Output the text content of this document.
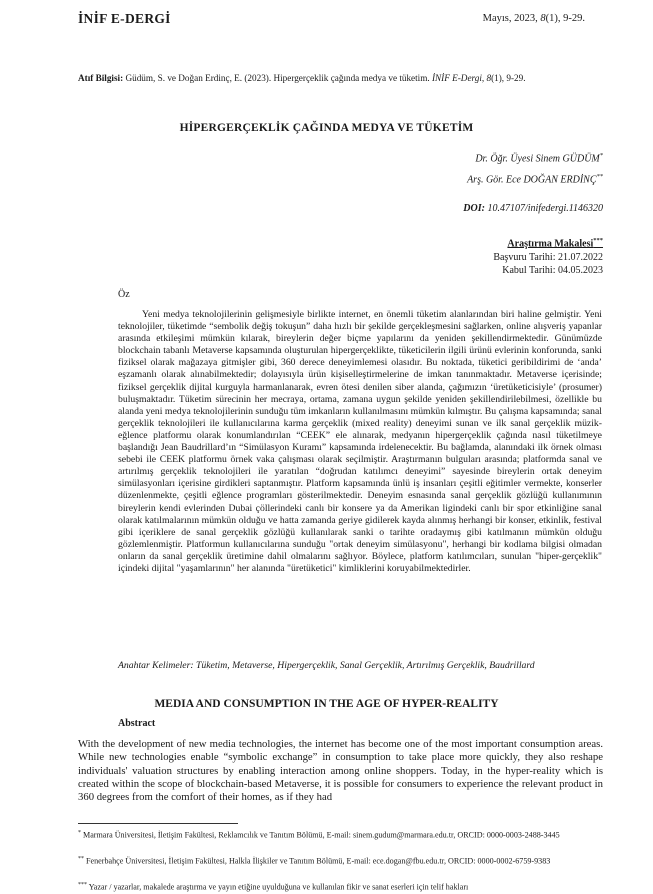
İNİF E-DERGİ	Mayıs, 2023, 8(1), 9-29.
Atıf Bilgisi: Güdüm, S. ve Doğan Erdinç, E. (2023). Hipergerçeklik çağında medya ve tüketim. İNİF E-Dergi, 8(1), 9-29.
HİPERGERÇEKLİK ÇAĞINDA MEDYA VE TÜKETİM
Dr. Öğr. Üyesi Sinem GÜDÜM*
Arş. Gör. Ece DOĞAN ERDİNÇ**
DOI: 10.47107/inifedergi.1146320
Araştırma Makalesi***
Başvuru Tarihi: 21.07.2022
Kabul Tarihi: 04.05.2023
Öz
Yeni medya teknolojilerinin gelişmesiyle birlikte internet, en önemli tüketim alanlarından biri haline gelmiştir. Yeni teknolojiler, tüketimde “sembolik değiş tokuşun” daha hızlı bir şekilde gerçekleşmesini sağlarken, online alışveriş yapanlar arasında etkileşimi mümkün kılarak, bireylerin değer biçme yapılarını da yeniden şekillendirmektedir. Günümüzde blockchain tabanlı Metaverse kapsamında oluşturulan hipergerçeklikte, tüketicilerin ilgili ürünü evlerinin konforunda, sanki fiziksel olarak mağazaya gitmişler gibi, 360 derece deneyimlemesi olasıdır. Bu noktada, tüketici geribildirimi de ‘anda’ eşzamanlı olarak alınabilmektedir; dolayısıyla ürün kişiselleştirmelerine de imkan tanınmaktadır. Metaverse içerisinde; fiziksel gerçeklik dijital kurguyla harmanlanarak, evren ötesi denilen siber alanda, çağımızın ‘üretüketicisiyle’ (prosumer) buluşmaktadır. Tüketim sürecinin her mecraya, ortama, zamana uygun şekilde yeniden şekillendirilebilmesi, özellikle bu alanda yeni medya teknolojilerinin sunduğu tüm imkanların kullanılmasını mümkün kılmıştır. Bu çalışma kapsamında; sanal gerçeklik teknolojileri ile kullanıcılarına karma gerçeklik (mixed reality) deneyimi sunan ve ilk sanal gerçeklik müzik-eğlence platformu olarak konumlandırılan “CEEK” ele alınarak, medyanın hipergerçeklik çağında nasıl tüketilmeye başlandığı Jean Baudrillard’ın “Simülasyon Kuramı” kapsamında irdelenecektir. Bu bağlamda, alanındaki ilk örnek olması sebebi ile CEEK platformu örnek vaka çalışması olarak seçilmiştir. Araştırmanın bulguları arasında; platformda sanal ve artırılmış gerçeklik teknolojileri ile yaratılan “doğrudan katılımcı deneyimi” sayesinde bireylerin ortak deneyim simülasyonları içerisine girdikleri saptanmıştır. Platform kapsamında ünlü iş insanları çeşitli eğitimler vermekte, konserler düzenlenmekte, çeşitli eğlence programları gösterilmektedir. Deneyim esnasında sanal gerçeklik gözlüğü kullanımının bireylerin kendi evlerinden Dubai çöllerindeki canlı bir konsere ya da Amerikan ligindeki canlı bir spor etkinliğine sanal olarak katılmalarının mümkün olduğu ve hatta zamanda geriye gidilerek kayda alınmış herhangi bir konser, etkinlik, festival gibi içeriklere de sanal gerçeklik gözlüğü kullanılarak sanki o tarihte oradaymış gibi katılmanın mümkün olduğu gözlemlenmiştir. Platformun kullanıcılarına sunduğu "ortak deneyim simülasyonu", herhangi bir kodlama bilgisi olmadan onların da sanal gerçeklik üretimine dahil olmalarını sağlıyor. Böylece, platform katılımcıları, sunulan "hiper-gerçeklik" içindeki dijital "yaşamlarının" her alanında "üretüketici" kimliklerini koruyabilmektedirler.
Anahtar Kelimeler: Tüketim, Metaverse, Hipergerçeklik, Sanal Gerçeklik, Artırılmış Gerçeklik, Baudrillard
MEDIA AND CONSUMPTION IN THE AGE OF HYPER-REALITY
Abstract
With the development of new media technologies, the internet has become one of the most important consumption areas. While new technologies enable “symbolic exchange” in consumption to take place more quickly, they also reshape individuals' valuation structures by enabling interaction among online shoppers. Today, in the hyper-reality which is created within the scope of blockchain-based Metaverse, it is possible for consumers to experience the relevant product in 360 degrees from the comfort of their homes, as if they had
* Marmara Üniversitesi, İletişim Fakültesi, Reklamcılık ve Tanıtım Bölümü, E-mail: sinem.gudum@marmara.edu.tr, ORCID: 0000-0003-2488-3445
** Fenerbahçe Üniversitesi, İletişim Fakültesi, Halkla İlişkiler ve Tanıtım Bölümü, E-mail: ece.dogan@fbu.edu.tr, ORCID: 0000-0002-6759-9383
*** Yazar / yazarlar, makalede araştırma ve yayın etiğine uyulduğuna ve kullanılan fikir ve sanat eserleri için telif hakları
